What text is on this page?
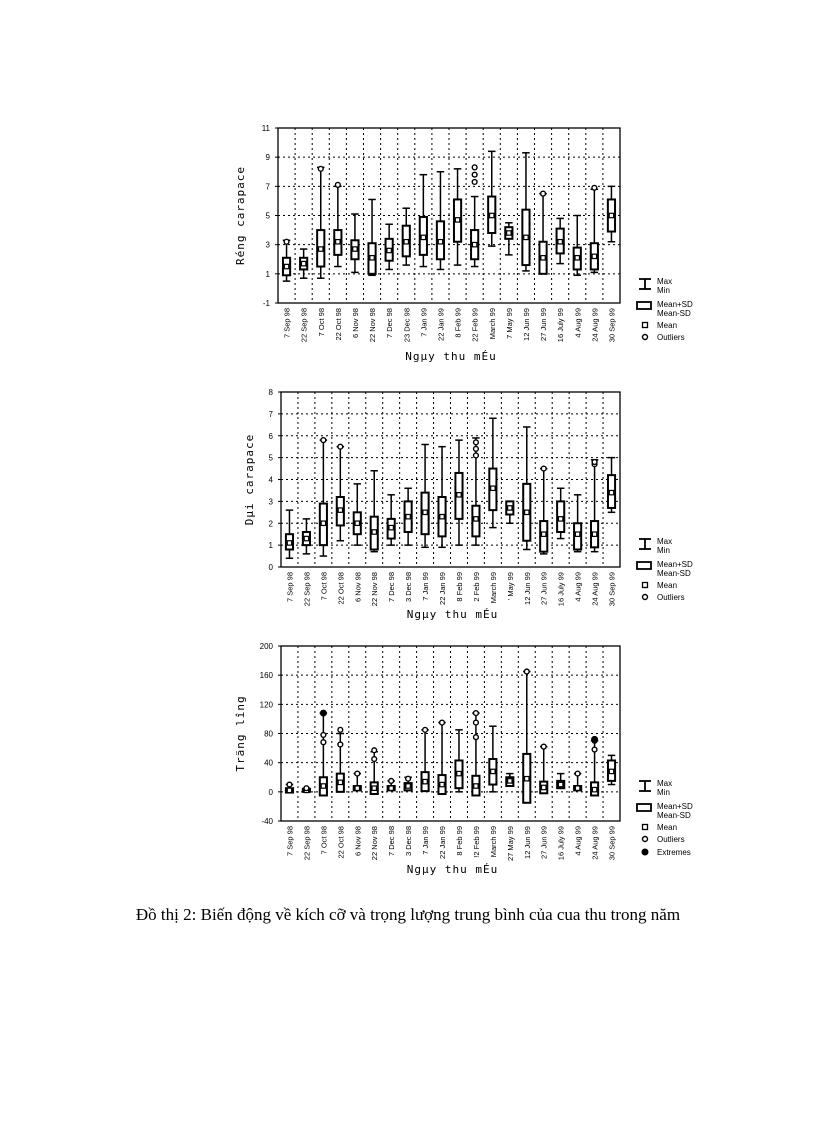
-1
1
3
5
7
9
11
7 Sep 98 22 Sep 98 7 Oct 98 22 Oct 98 6 Nov 98 22 Nov 98 7 Dec 98 23 Dec 98 7 Jan 99 22 Jan 99 8 Feb 99 22 Feb 99 March 99 7 May 99 12 Jun 99 27 Jun 99 16 July 99 4 Aug 99 24 Aug 99 30 Sep 99
Ngµy thu mÉu
Réng carapace
Max
Min
Mean+SD
Mean-SD
Mean
Outliers
0
1
2
3
4
5
6
7
8
7 Sep 98 22 Sep 98 7 Oct 98 22 Oct 98 6 Nov 98 22 Nov 98 7 Dec 98 3 Dec 98 7 Jan 99 22 Jan 99 8 Feb 99 2 Feb 99 March 99 ' May 99 12 Jun 99 27 Jun 99 16 July 99 4 Aug 99 24 Aug 99 30 Sep 99
Ngµy thu mÉu
Dµi carapace
Max
Min
Mean+SD
Mean-SD
Mean
Outliers
-40
0
40
80
120
160
200
7 Sep 98 22 Sep 98 7 Oct 98 22 Oct 98 6 Nov 98 22 Nov 98 7 Dec 98 3 Dec 98 7 Jan 99 22 Jan 99 8 Feb 99 !2 Feb 99 March 99 27 May 99 12 Jun 99 27 Jun 99 16 July 99 4 Aug 99 24 Aug 99 30 Sep 99
Ngµy thu mÉu
Träng lîng
Max
Min
Mean+SD
Mean-SD
Mean
Outliers
Extremes

Đồ thị 2: Biến động về kích cỡ và trọng lượng trung bình của cua thu trong năm
